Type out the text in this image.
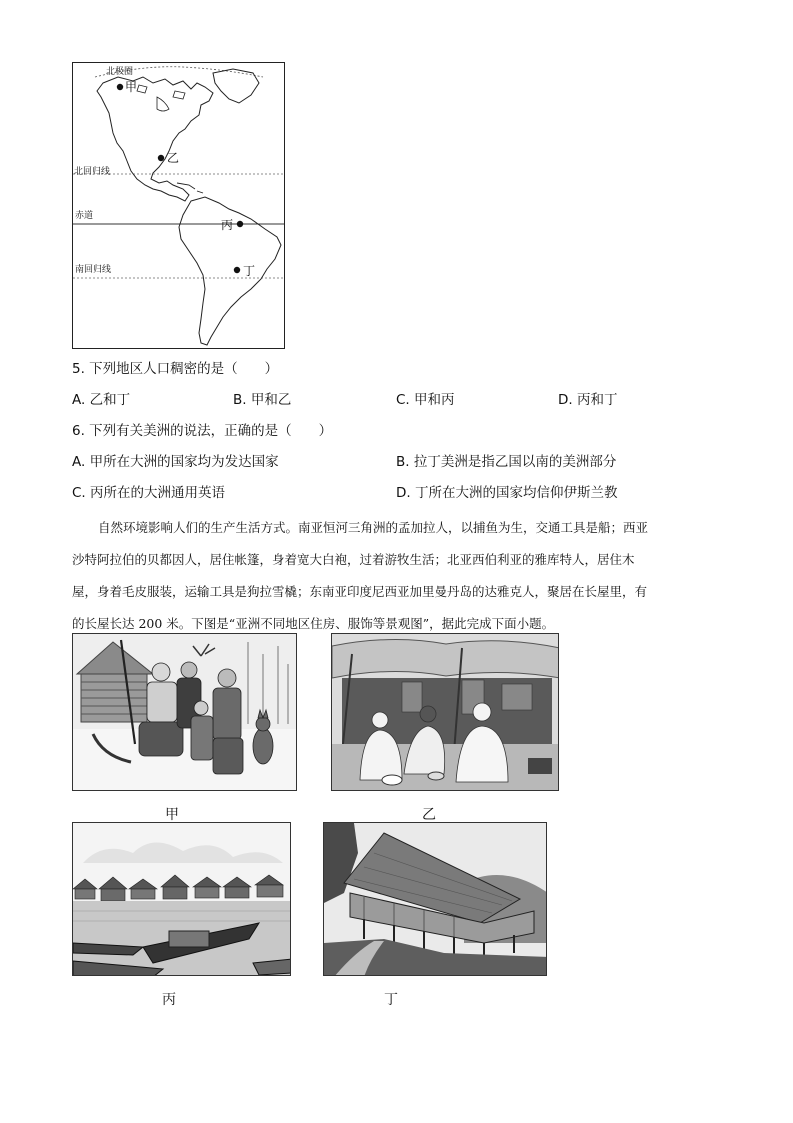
北极圈
甲
乙
北回归线
赤道
丙
南回归线	丁
5. 下列地区人口稠密的是（　　）
A. 乙和丁	B. 甲和乙	C. 甲和丙	D. 丙和丁
6. 下列有关美洲的说法，正确的是（　　）
A. 甲所在大洲的国家均为发达国家	B. 拉丁美洲是指乙国以南的美洲部分
C. 丙所在的大洲通用英语	D. 丁所在大洲的国家均信仰伊斯兰教
自然环境影响人们的生产生活方式。南亚恒河三角洲的孟加拉人，以捕鱼为生，交通工具是船；西亚
沙特阿拉伯的贝都因人，居住帐篷，身着宽大白袍，过着游牧生活；北亚西伯利亚的雅库特人，居住木
屋，身着毛皮服装，运输工具是狗拉雪橇；东南亚印度尼西亚加里曼丹岛的达雅克人，聚居在长屋里，有
的长屋长达 200 米。下图是“亚洲不同地区住房、服饰等景观图”，据此完成下面小题。
甲	乙
丙	丁
